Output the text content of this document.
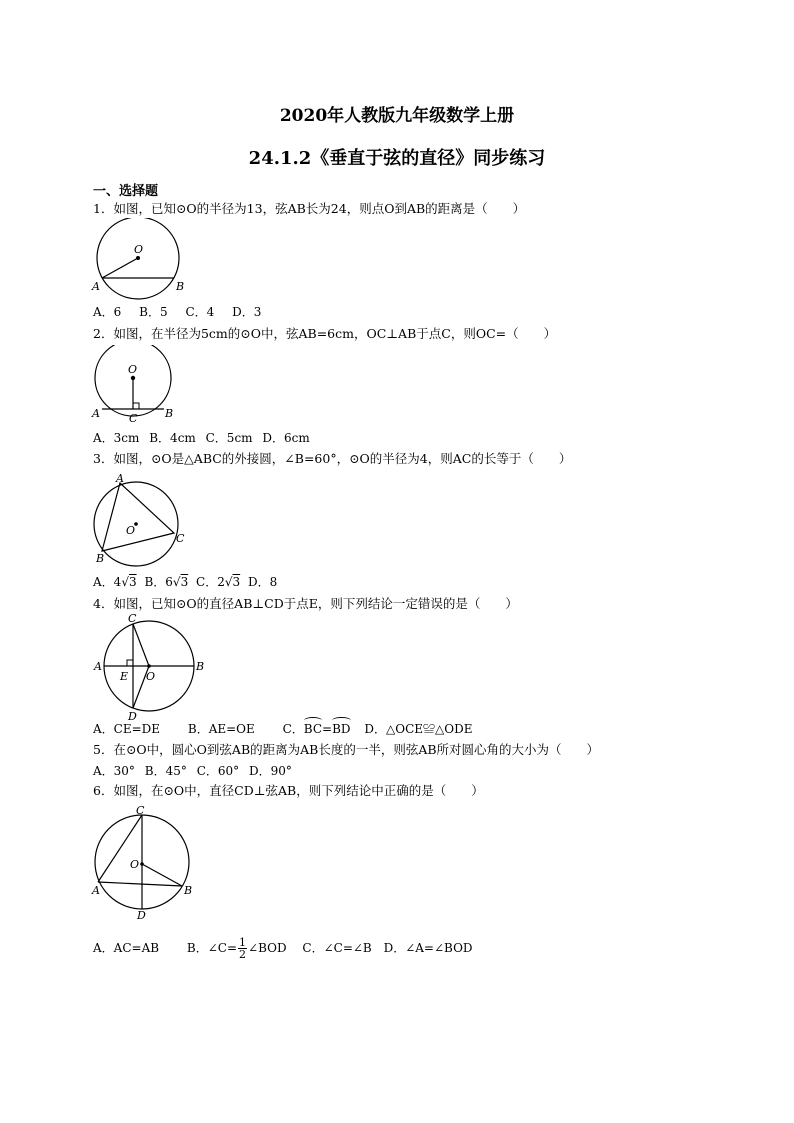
2020年人教版九年级数学上册
24.1.2《垂直于弦的直径》同步练习
一、选择题
1．如图，已知⊙O的半径为13，弦AB长为24，则点O到AB的距离是（　　）
O
A	B
A．6 B．5 C．4 D．3
2．如图，在半径为5cm的⊙O中，弦AB=6cm，OC⊥AB于点C，则OC=（　　）
O
A	B
C
A．3cm B．4cm C．5cm D．6cm
3．如图，⊙O是△ABC的外接圆，∠B=60°，⊙O的半径为4，则AC的长等于（　　）
O
A
B
C
A．4√3 B．6√3 C．2√3 D．8
4．如图，已知⊙O的直径AB⊥CD于点E，则下列结论一定错误的是（　　）
C
A	B
E O
D
A．CE=DE B．AE=OE C．BC=BD D．△OCE≌△ODE
5．在⊙O中，圆心O到弦AB的距离为AB长度的一半，则弦AB所对圆心角的大小为（　　）
A．30° B．45° C．60° D．90°
6．如图，在⊙O中，直径CD⊥弦AB，则下列结论中正确的是（　　）
C
O
A	B
D
A．AC=AB B．∠C= $\frac{1}{2}$ ∠BOD C．∠C=∠B D．∠A=∠BOD
